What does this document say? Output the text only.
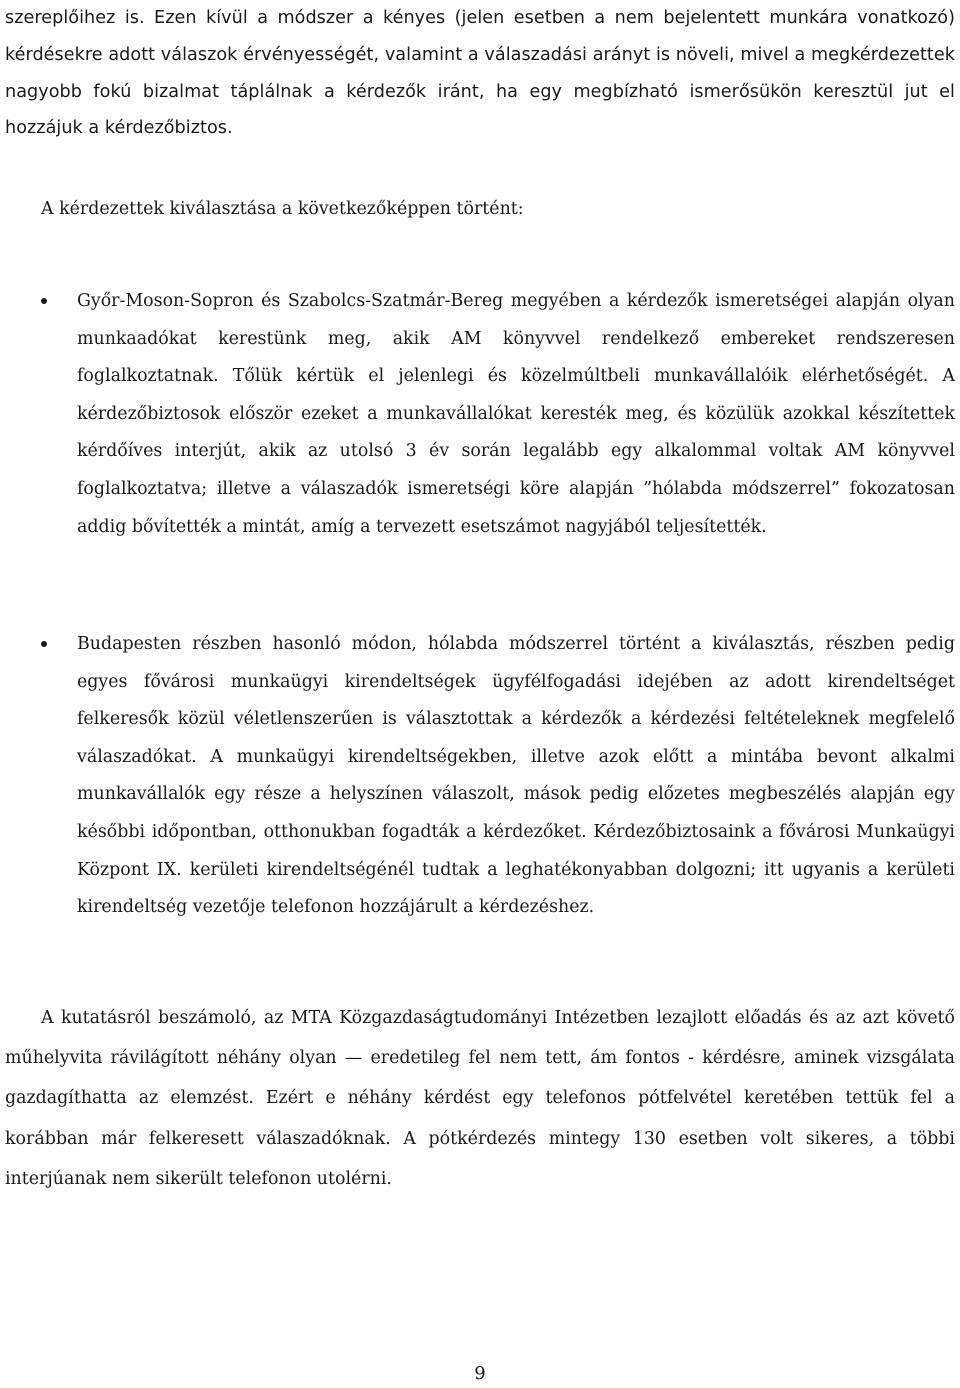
szereplőihez is. Ezen kívül a módszer a kényes (jelen esetben a nem bejelentett munkára vonatkozó) kérdésekre adott válaszok érvényességét, valamint a válaszadási arányt is növeli, mivel a megkérdezettek nagyobb fokú bizalmat táplálnak a kérdezők iránt, ha egy megbízható ismerősükön keresztül jut el hozzájuk a kérdezőbiztos.

A kérdezettek kiválasztása a következőképpen történt:

Győr-Moson-Sopron és Szabolcs-Szatmár-Bereg megyében a kérdezők ismeretségei alapján olyan munkaadókat kerestünk meg, akik AM könyvvel rendelkező embereket rendszeresen foglalkoztatnak. Tőlük kértük el jelenlegi és közelmúltbeli munkavállalóik elérhetőségét. A kérdezőbiztosok először ezeket a munkavállalókat keresték meg, és közülük azokkal készítettek kérdőíves interjút, akik az utolsó 3 év során legalább egy alkalommal voltak AM könyvvel foglalkoztatva; illetve a válaszadók ismeretségi köre alapján ”hólabda módszerrel” fokozatosan addig bővítették a mintát, amíg a tervezett esetszámot nagyjából teljesítették.

Budapesten részben hasonló módon, hólabda módszerrel történt a kiválasztás, részben pedig egyes fővárosi munkaügyi kirendeltségek ügyfélfogadási idejében az adott kirendeltséget felkeresők közül véletlenszerűen is választottak a kérdezők a kérdezési feltételeknek megfelelő válaszadókat. A munkaügyi kirendeltségekben, illetve azok előtt a mintába bevont alkalmi munkavállalók egy része a helyszínen válaszolt, mások pedig előzetes megbeszélés alapján egy későbbi időpontban, otthonukban fogadták a kérdezőket. Kérdezőbiztosaink a fővárosi Munkaügyi Központ IX. kerületi kirendeltségénél tudtak a leghatékonyabban dolgozni; itt ugyanis a kerületi kirendeltség vezetője telefonon hozzájárult a kérdezéshez.

A kutatásról beszámoló, az MTA Közgazdaságtudományi Intézetben lezajlott előadás és az azt követő műhelyvita rávilágított néhány olyan — eredetileg fel nem tett, ám fontos - kérdésre, aminek vizsgálata gazdagíthatta az elemzést. Ezért e néhány kérdést egy telefonos pótfelvétel keretében tettük fel a korábban már felkeresett válaszadóknak. A pótkérdezés mintegy 130 esetben volt sikeres, a többi interjúanak nem sikerült telefonon utolérni.

9
